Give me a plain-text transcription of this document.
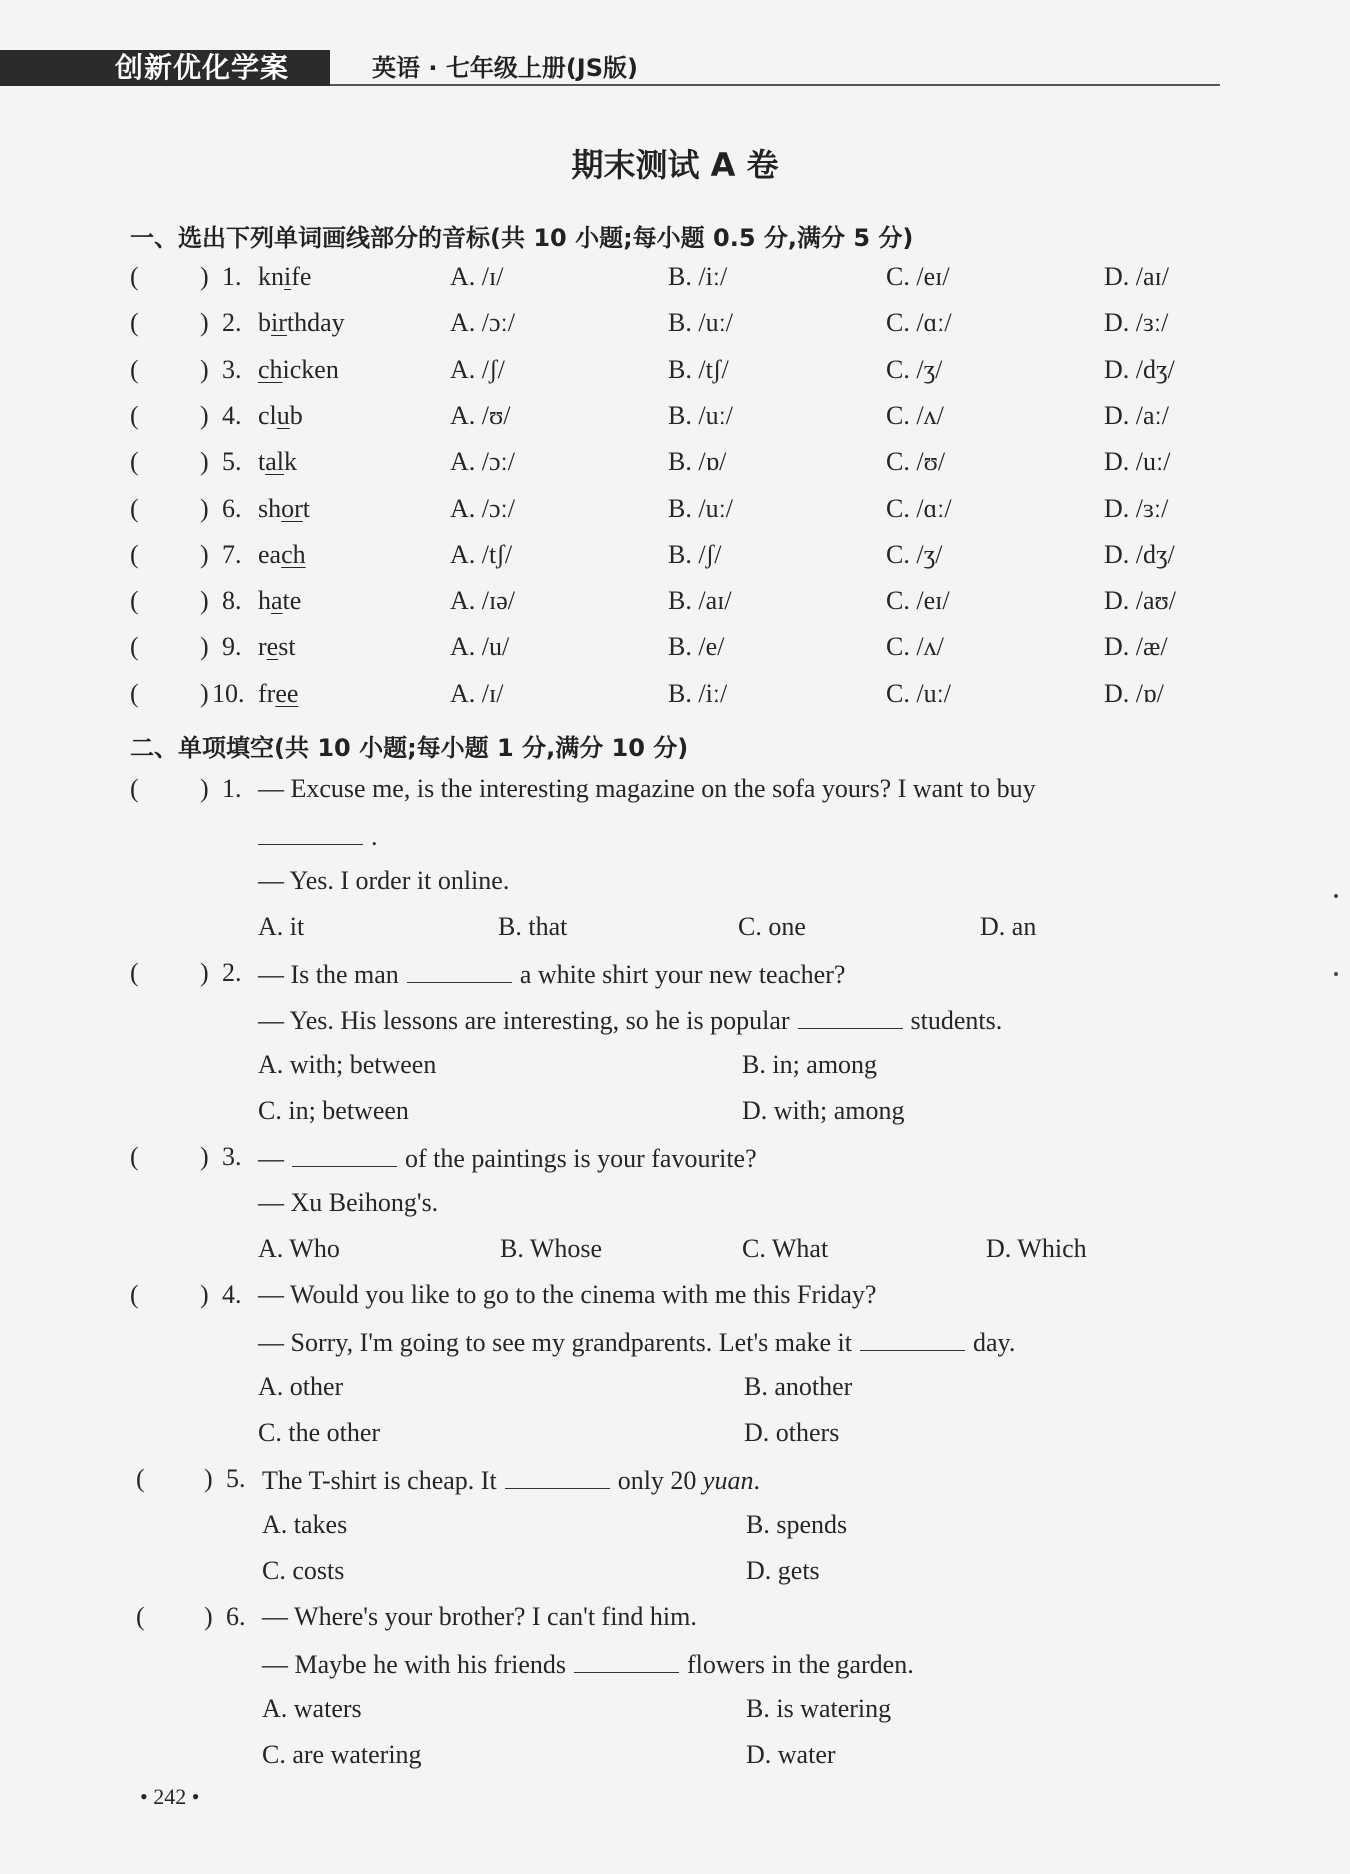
创新优化学案	英语 · 七年级上册(JS版)
期末测试 A 卷
一、选出下列单词画线部分的音标(共 10 小题;每小题 0.5 分,满分 5 分)
( ) 1. knife	A. /ɪ/	B. /iː/	C. /eɪ/	D. /aɪ/
( ) 2. birthday	A. /ɔː/	B. /uː/	C. /ɑː/	D. /ɜː/
( ) 3. chicken	A. /ʃ/	B. /tʃ/	C. /ʒ/	D. /dʒ/
( ) 4. club	A. /ʊ/	B. /uː/	C. /ʌ/	D. /aː/
( ) 5. talk	A. /ɔː/	B. /ɒ/	C. /ʊ/	D. /uː/
( ) 6. short	A. /ɔː/	B. /uː/	C. /ɑː/	D. /ɜː/
( ) 7. each	A. /tʃ/	B. /ʃ/	C. /ʒ/	D. /dʒ/
( ) 8. hate	A. /ɪə/	B. /aɪ/	C. /eɪ/	D. /aʊ/
( ) 9. rest	A. /u/	B. /e/	C. /ʌ/	D. /æ/
( ) 10. free	A. /ɪ/	B. /iː/	C. /uː/	D. /ɒ/
二、单项填空(共 10 小题;每小题 1 分,满分 10 分)
( ) 1. — Excuse me, is the interesting magazine on the sofa yours? I want to buy
.
— Yes. I order it online.
A. it	B. that	C. one	D. an
( ) 2. — Is the man	a white shirt your new teacher?
— Yes. His lessons are interesting, so he is popular	students.
A. with; between	B. in; among
C. in; between	D. with; among
( ) 3. —	of the paintings is your favourite?
— Xu Beihong's.
A. Who	B. Whose	C. What	D. Which
( ) 4. — Would you like to go to the cinema with me this Friday?
— Sorry, I'm going to see my grandparents. Let's make it	day.
A. other	B. another
C. the other	D. others
( ) 5. The T-shirt is cheap. It	only 20 yuan.
A. takes	B. spends
C. costs	D. gets
( ) 6. — Where's your brother? I can't find him.
— Maybe he with his friends	flowers in the garden.
A. waters	B. is watering
C. are watering	D. water
• 242 •
